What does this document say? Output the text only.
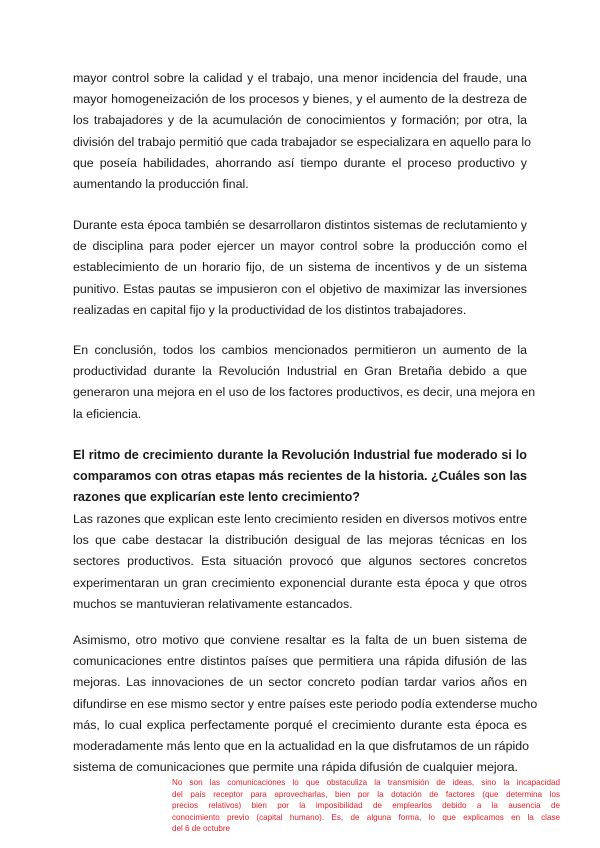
mayor control sobre la calidad y el trabajo, una menor incidencia del fraude, una
mayor homogeneización de los procesos y bienes, y el aumento de la destreza de
los trabajadores y de la acumulación de conocimientos y formación; por otra, la
división del trabajo permitió que cada trabajador se especializara en aquello para lo
que poseía habilidades, ahorrando así tiempo durante el proceso productivo y
aumentando la producción final.

Durante esta época también se desarrollaron distintos sistemas de reclutamiento y
de disciplina para poder ejercer un mayor control sobre la producción como el
establecimiento de un horario fijo, de un sistema de incentivos y de un sistema
punitivo. Estas pautas se impusieron con el objetivo de maximizar las inversiones
realizadas en capital fijo y la productividad de los distintos trabajadores.

En conclusión, todos los cambios mencionados permitieron un aumento de la
productividad durante la Revolución Industrial en Gran Bretaña debido a que
generaron una mejora en el uso de los factores productivos, es decir, una mejora en
la eficiencia.

El ritmo de crecimiento durante la Revolución Industrial fue moderado si lo
comparamos con otras etapas más recientes de la historia. ¿Cuáles son las
razones que explicarían este lento crecimiento?

Las razones que explican este lento crecimiento residen en diversos motivos entre
los que cabe destacar la distribución desigual de las mejoras técnicas en los
sectores productivos. Esta situación provocó que algunos sectores concretos
experimentaran un gran crecimiento exponencial durante esta época y que otros
muchos se mantuvieran relativamente estancados.

Asimismo, otro motivo que conviene resaltar es la falta de un buen sistema de
comunicaciones entre distintos países que permitiera una rápida difusión de las
mejoras. Las innovaciones de un sector concreto podían tardar varios años en
difundirse en ese mismo sector y entre países este periodo podía extenderse mucho
más, lo cual explica perfectamente porqué el crecimiento durante esta época es
moderadamente más lento que en la actualidad en la que disfrutamos de un rápido
sistema de comunicaciones que permite una rápida difusión de cualquier mejora.

No son las comunicaciones lo que obstaculiza la transmisión de ideas, sino la incapacidad
del país receptor para aprovecharlas, bien por la dotación de factores (que determina los
precios relativos) bien por la imposibilidad de emplearlos debido a la ausencia de
conocimiento previo (capital humano). Es, de alguna forma, lo que explicamos en la clase
del 6 de octubre
